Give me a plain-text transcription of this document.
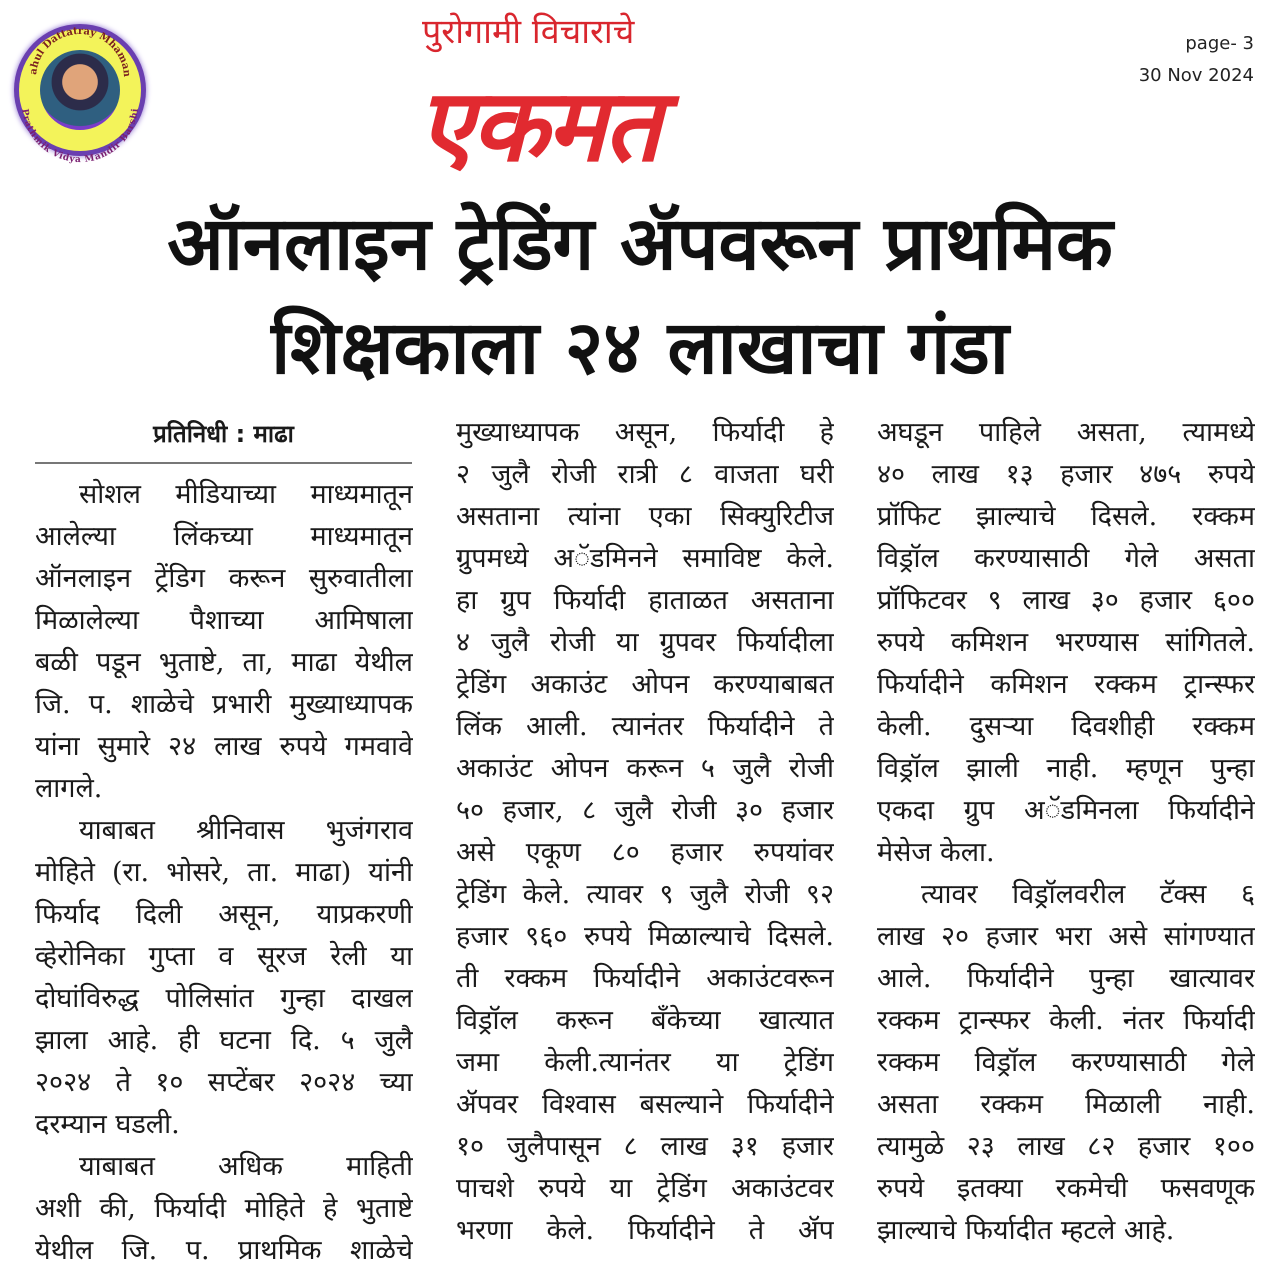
Rahul Dattatray Mhamane
Prathmik Vidya Mandir Barshi
पुरोगामी विचाराचे
एकमत
page- 3
30 Nov 2024
ऑनलाइन ट्रेडिंग ॲपवरून प्राथमिक
शिक्षकाला २४ लाखाचा गंडा
प्रतिनिधी : माढा
सोशल मीडियाच्या माध्यमातून
आलेल्या लिंकच्या माध्यमातून
ऑनलाइन ट्रेंडिग करून सुरुवातीला
मिळालेल्या पैशाच्या आमिषाला
बळी पडून भुताष्टे, ता, माढा येथील
जि. प. शाळेचे प्रभारी मुख्याध्यापक
यांना सुमारे २४ लाख रुपये गमवावे
लागले.
याबाबत श्रीनिवास भुजंगराव
मोहिते (रा. भोसरे, ता. माढा) यांनी
फिर्याद दिली असून, याप्रकरणी
व्हेरोनिका गुप्ता व सूरज रेली या
दोघांविरुद्ध पोलिसांत गुन्हा दाखल
झाला आहे. ही घटना दि. ५ जुलै
२०२४ ते १० सप्टेंबर २०२४ च्या
दरम्यान घडली.
याबाबत अधिक माहिती
अशी की, फिर्यादी मोहिते हे भुताष्टे
येथील जि. प. प्राथमिक शाळेचे
मुख्याध्यापक असून, फिर्यादी हे
२ जुलै रोजी रात्री ८ वाजता घरी
असताना त्यांना एका सिक्युरिटीज
ग्रुपमध्ये अॅडमिनने समाविष्ट केले.
हा ग्रुप फिर्यादी हाताळत असताना
४ जुलै रोजी या ग्रुपवर फिर्यादीला
ट्रेडिंग अकाउंट ओपन करण्याबाबत
लिंक आली. त्यानंतर फिर्यादीने ते
अकाउंट ओपन करून ५ जुलै रोजी
५० हजार, ८ जुलै रोजी ३० हजार
असे एकूण ८० हजार रुपयांवर
ट्रेडिंग केले. त्यावर ९ जुलै रोजी ९२
हजार ९६० रुपये मिळाल्याचे दिसले.
ती रक्कम फिर्यादीने अकाउंटवरून
विड्रॉल करून बँकेच्या खात्यात
जमा केली.त्यानंतर या ट्रेडिंग
ॲपवर विश्वास बसल्याने फिर्यादीने
१० जुलैपासून ८ लाख ३१ हजार
पाचशे रुपये या ट्रेडिंग अकाउंटवर
भरणा केले. फिर्यादीने ते ॲप
अघडून पाहिले असता, त्यामध्ये
४० लाख १३ हजार ४७५ रुपये
प्रॉफिट झाल्याचे दिसले. रक्कम
विड्रॉल करण्यासाठी गेले असता
प्रॉफिटवर ९ लाख ३० हजार ६००
रुपये कमिशन भरण्यास सांगितले.
फिर्यादीने कमिशन रक्कम ट्रान्स्फर
केली. दुसऱ्या दिवशीही रक्कम
विड्रॉल झाली नाही. म्हणून पुन्हा
एकदा ग्रुप अॅडमिनला फिर्यादीने
मेसेज केला.
त्यावर विड्रॉलवरील टॅक्स ६
लाख २० हजार भरा असे सांगण्यात
आले. फिर्यादीने पुन्हा खात्यावर
रक्कम ट्रान्स्फर केली. नंतर फिर्यादी
रक्कम विड्रॉल करण्यासाठी गेले
असता रक्कम मिळाली नाही.
त्यामुळे २३ लाख ८२ हजार १००
रुपये इतक्या रकमेची फसवणूक
झाल्याचे फिर्यादीत म्हटले आहे.
